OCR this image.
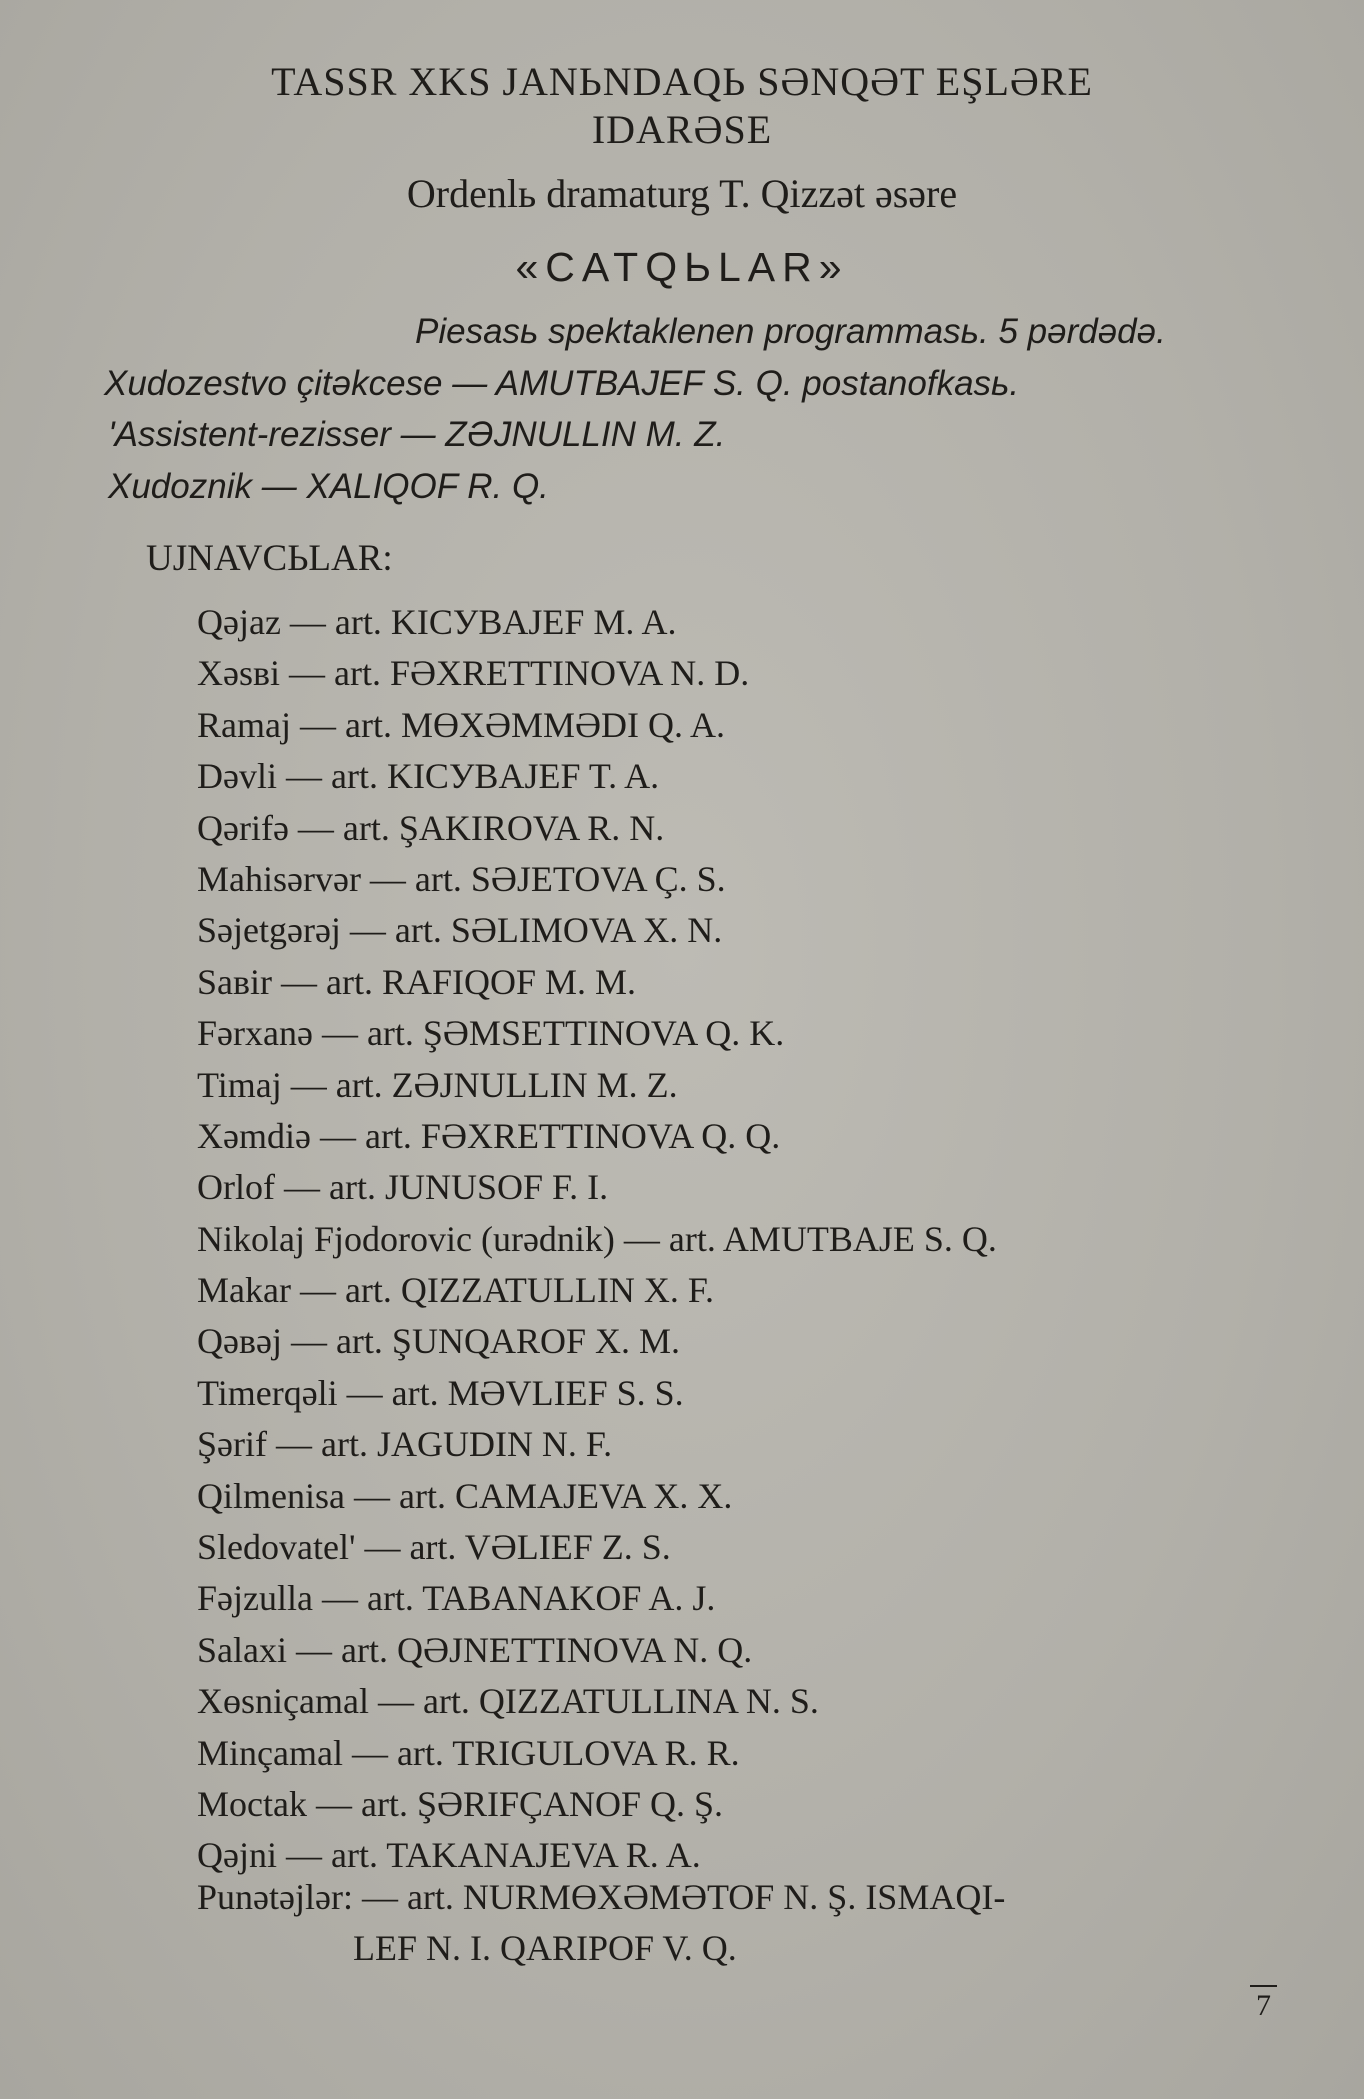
TASSR XKS JANЬNDAQЬ SƏNQƏT EŞLƏRE
IDARƏSE
Ordenlь dramaturg T. Qizzət əsəre
«CATQЬLAR»
Piesasь spektaklenen programmasь. 5 pərdədə.
Xudozestvo çitəkcese — AMUTBAJEF S. Q. postanofkasь.
'Assistent-rezisser — ZƏJNULLIN M. Z.
Xudoznik — XALIQOF R. Q.
UJNAVCЬLAR:
Qəjaz — art. KICУBAJEF M. A.
Xəsвi — art. FƏXRETTINOVA N. D.
Ramaj — art. MƟXƏMMƏDI Q. A.
Dəvli — art. KICУBAJEF T. A.
Qərifə — art. ŞAKIROVA R. N.
Mahisərvər — art. SƏJETOVA Ç. S.
Səjetgərəj — art. SƏLIMOVA X. N.
Saвir — art. RAFIQOF M. M.
Fərxanə — art. ŞƏMSETTINOVA Q. K.
Timaj — art. ZƏJNULLIN M. Z.
Xəmdiə — art. FƏXRETTINOVA Q. Q.
Orlof — art. JUNUSOF F. I.
Nikolaj Fjodorovic (urədnik) — art. AMUTBAJE S. Q.
Makar — art. QIZZATULLIN X. F.
Qəвəj — art. ŞUNQAROF X. M.
Timerqəli — art. MƏVLIEF S. S.
Şərif — art. JAGUDIN N. F.
Qilmenisa — art. CAMAJEVA X. X.
Sledovatel' — art. VƏLIEF Z. S.
Fəjzulla — art. TABANAKOF A. J.
Salaxi — art. QƏJNETTINOVA N. Q.
Xɵsniçamal — art. QIZZATULLINA N. S.
Minçamal — art. TRIGULOVA R. R.
Moctak — art. ŞƏRIFÇANOF Q. Ş.
Qəjni — art. TAKANAJEVA R. A.
Punətəjlər: — art. NURMƟXƏMƏTOF N. Ş. ISMAQI-
LEF N. I. QARIPOF V. Q.
7
